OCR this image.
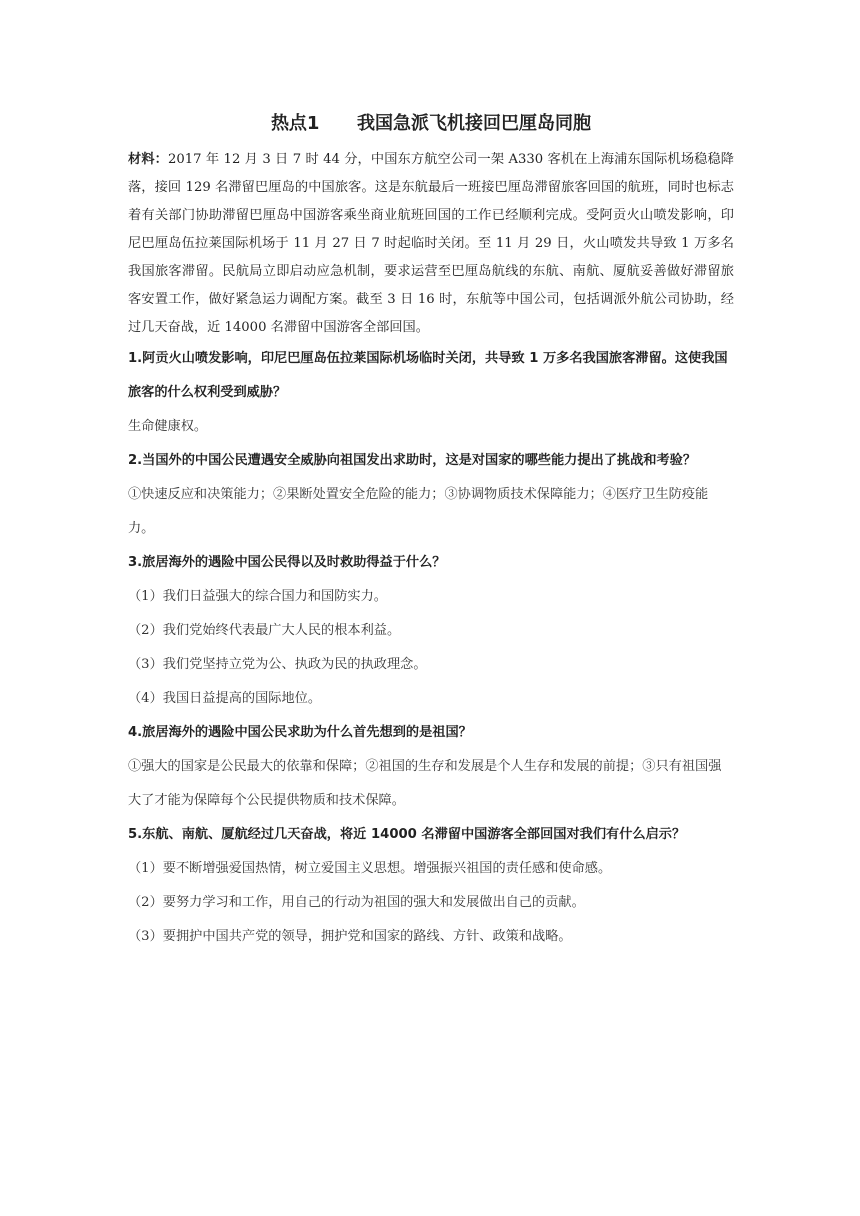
热点1      我国急派飞机接回巴厘岛同胞

材料：2017 年 12 月 3 日 7 时 44 分，中国东方航空公司一架 A330 客机在上海浦东国际机场稳稳降落，接回 129 名滞留巴厘岛的中国旅客。这是东航最后一班接巴厘岛滞留旅客回国的航班，同时也标志着有关部门协助滞留巴厘岛中国游客乘坐商业航班回国的工作已经顺利完成。受阿贡火山喷发影响，印尼巴厘岛伍拉莱国际机场于 11 月 27 日 7 时起临时关闭。至 11 月 29 日，火山喷发共导致 1 万多名我国旅客滞留。民航局立即启动应急机制，要求运营至巴厘岛航线的东航、南航、厦航妥善做好滞留旅客安置工作，做好紧急运力调配方案。截至 3 日 16 时，东航等中国公司，包括调派外航公司协助，经过几天奋战，近 14000 名滞留中国游客全部回国。

1.阿贡火山喷发影响，印尼巴厘岛伍拉莱国际机场临时关闭，共导致 1 万多名我国旅客滞留。这使我国旅客的什么权利受到威胁？

生命健康权。

2.当国外的中国公民遭遇安全威胁向祖国发出求助时，这是对国家的哪些能力提出了挑战和考验？

①快速反应和决策能力；②果断处置安全危险的能力；③协调物质技术保障能力；④医疗卫生防疫能力。

3.旅居海外的遇险中国公民得以及时救助得益于什么？

（1）我们日益强大的综合国力和国防实力。

（2）我们党始终代表最广大人民的根本利益。

（3）我们党坚持立党为公、执政为民的执政理念。

（4）我国日益提高的国际地位。

4.旅居海外的遇险中国公民求助为什么首先想到的是祖国？

①强大的国家是公民最大的依靠和保障；②祖国的生存和发展是个人生存和发展的前提；③只有祖国强大了才能为保障每个公民提供物质和技术保障。

5.东航、南航、厦航经过几天奋战，将近 14000 名滞留中国游客全部回国对我们有什么启示？

（1）要不断增强爱国热情，树立爱国主义思想。增强振兴祖国的责任感和使命感。

（2）要努力学习和工作，用自己的行动为祖国的强大和发展做出自己的贡献。

（3）要拥护中国共产党的领导，拥护党和国家的路线、方针、政策和战略。
